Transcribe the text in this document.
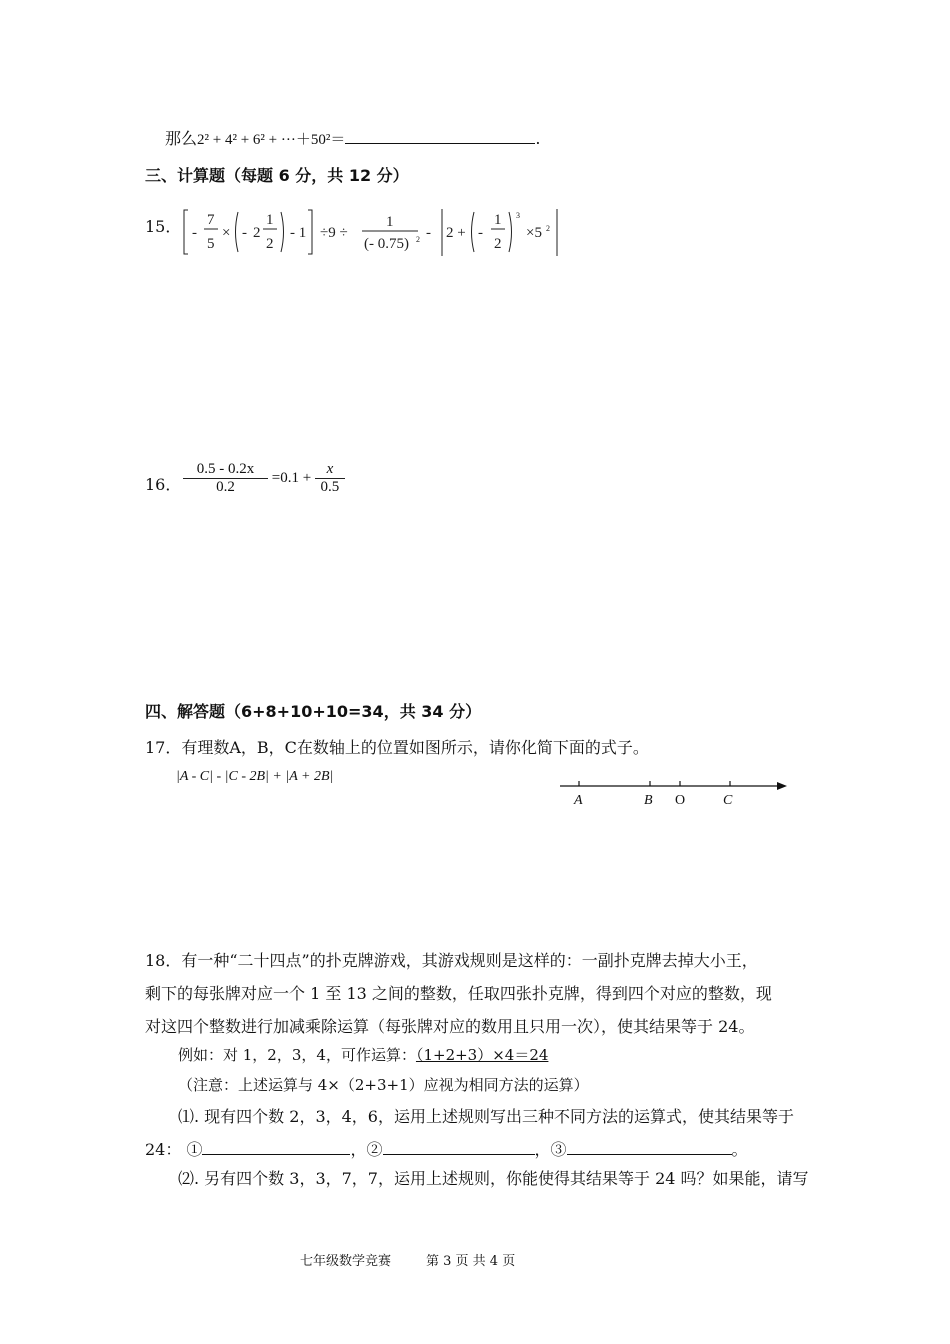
那么2² + 4² + 6² + ···＋50²＝	.
三、计算题（每题 6 分，共 12 分）
15． -
7
5
× - 2
1
2
- 1 ÷9 ÷
1
(- 0.75) 2 - 2 + -
1
2
3
×5 2
16． $\frac{0.5 - 0.2x}{0.2} =0.1 + \frac{x}{0.5}$
四、解答题（6+8+10+10=34，共 34 分）
17．有理数A，B，C在数轴上的位置如图所示，请你化简下面的式子。
|A - C| - |C - 2B| + |A + 2B|
A	B O	C
18．有一种“二十四点”的扑克牌游戏，其游戏规则是这样的：一副扑克牌去掉大小王，
剩下的每张牌对应一个 1 至 13 之间的整数，任取四张扑克牌，得到四个对应的整数，现
对这四个整数进行加减乘除运算（每张牌对应的数用且只用一次），使其结果等于 24。
例如：对 1，2，3，4，可作运算：（1+2+3）×4＝24
（注意：上述运算与 4×（2+3+1）应视为相同方法的运算）
⑴. 现有四个数 2，3，4，6，运用上述规则写出三种不同方法的运算式，使其结果等于
24： ①	，②	，③	。
⑵. 另有四个数 3，3，7，7，运用上述规则，你能使得其结果等于 24 吗？如果能，请写
七年级数学竞赛	第 3 页 共 4 页
